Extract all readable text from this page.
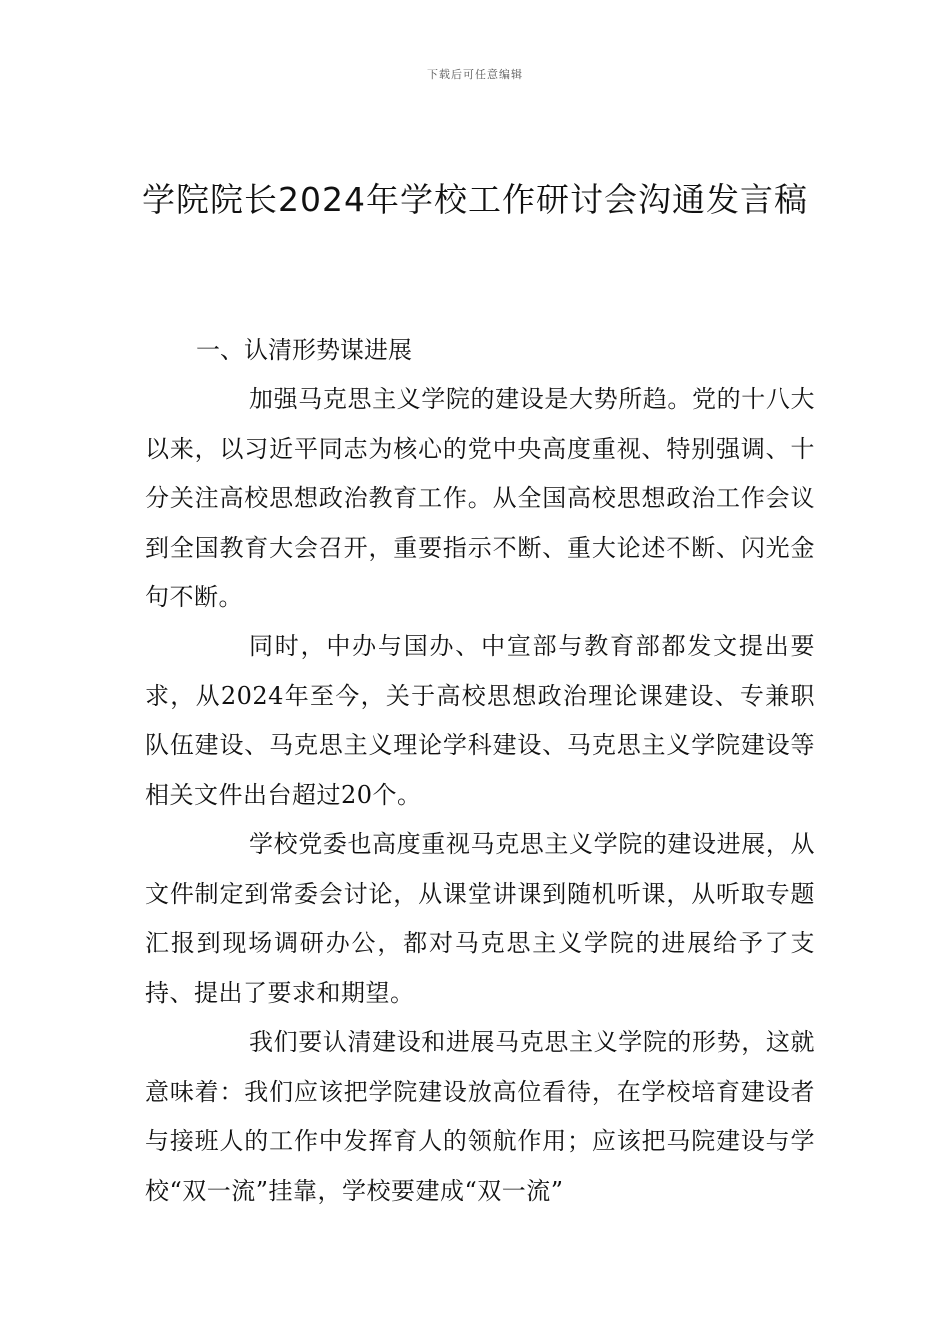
下载后可任意编辑
学院院长2024年学校工作研讨会沟通发言稿
一、认清形势谋进展

加强马克思主义学院的建设是大势所趋。党的十八大以来，以习近平同志为核心的党中央高度重视、特别强调、十分关注高校思想政治教育工作。从全国高校思想政治工作会议到全国教育大会召开，重要指示不断、重大论述不断、闪光金句不断。

同时，中办与国办、中宣部与教育部都发文提出要求，从2024年至今，关于高校思想政治理论课建设、专兼职队伍建设、马克思主义理论学科建设、马克思主义学院建设等相关文件出台超过20个。

学校党委也高度重视马克思主义学院的建设进展，从文件制定到常委会讨论，从课堂讲课到随机听课，从听取专题汇报到现场调研办公，都对马克思主义学院的进展给予了支持、提出了要求和期望。

我们要认清建设和进展马克思主义学院的形势，这就意味着：我们应该把学院建设放高位看待，在学校培育建设者与接班人的工作中发挥育人的领航作用；应该把马院建设与学校“双一流”挂靠，学校要建成“双一流”
